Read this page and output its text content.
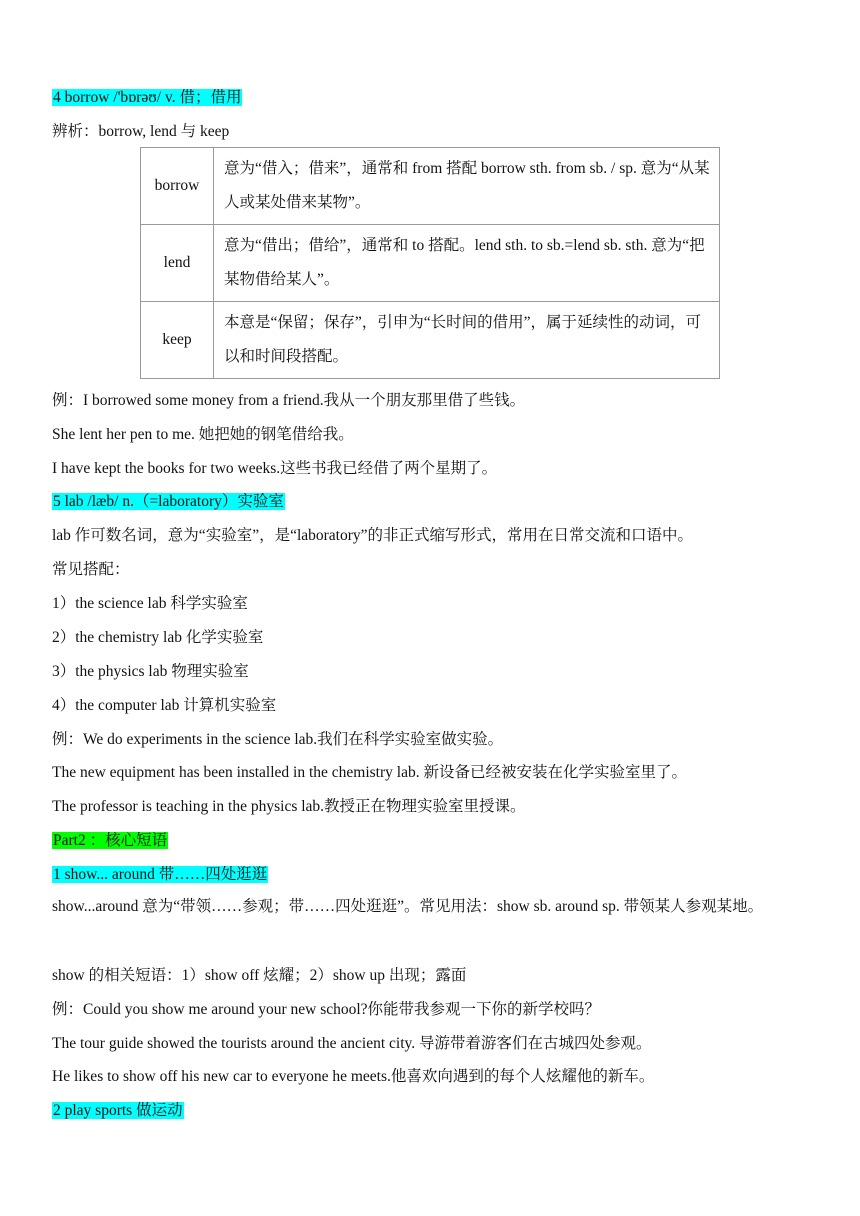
4 borrow /'bɒrəʊ/ v. 借；借用
辨析：borrow, lend 与 keep
borrow	意为“借入；借来”，通常和 from 搭配 borrow sth. from sb. / sp. 意为“从某人或某处借来某物”。
lend	意为“借出；借给”，通常和 to 搭配。lend sth. to sb.=lend sb. sth. 意为“把某物借给某人”。
keep	本意是“保留；保存”，引申为“长时间的借用”，属于延续性的动词，可以和时间段搭配。
例：I borrowed some money from a friend.我从一个朋友那里借了些钱。
She lent her pen to me. 她把她的钢笔借给我。
I have kept the books for two weeks.这些书我已经借了两个星期了。
5 lab /læb/ n.（=laboratory）实验室
lab 作可数名词，意为“实验室”，是“laboratory”的非正式缩写形式，常用在日常交流和口语中。
常见搭配：
1）the science lab 科学实验室
2）the chemistry lab 化学实验室
3）the physics lab 物理实验室
4）the computer lab 计算机实验室
例：We do experiments in the science lab.我们在科学实验室做实验。
The new equipment has been installed in the chemistry lab. 新设备已经被安装在化学实验室里了。
The professor is teaching in the physics lab.教授正在物理实验室里授课。
Part2 ：核心短语
1 show... around 带……四处逛逛
show...around 意为“带领……参观；带……四处逛逛”。常见用法：show sb. around sp. 带领某人参观某地。
show 的相关短语：1）show off 炫耀；2）show up 出现；露面
例：Could you show me around your new school?你能带我参观一下你的新学校吗？
The tour guide showed the tourists around the ancient city. 导游带着游客们在古城四处参观。
He likes to show off his new car to everyone he meets.他喜欢向遇到的每个人炫耀他的新车。
2 play sports 做运动
